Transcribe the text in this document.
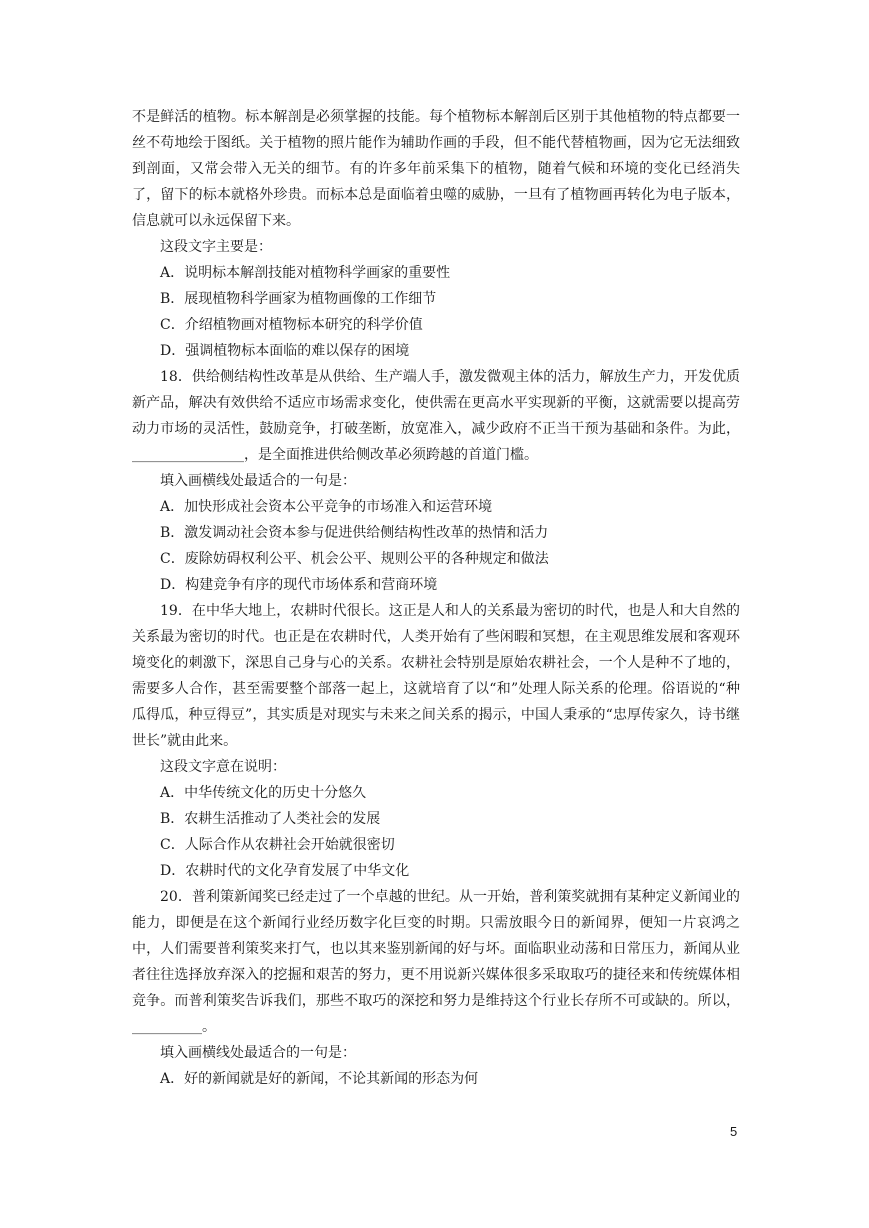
不是鲜活的植物。标本解剖是必须掌握的技能。每个植物标本解剖后区别于其他植物的特点都要一丝不苟地绘于图纸。关于植物的照片能作为辅助作画的手段，但不能代替植物画，因为它无法细致到剖面，又常会带入无关的细节。有的许多年前采集下的植物，随着气候和环境的变化已经消失了，留下的标本就格外珍贵。而标本总是面临着虫噬的威胁，一旦有了植物画再转化为电子版本，信息就可以永远保留下来。

这段文字主要是：

A．说明标本解剖技能对植物科学画家的重要性

B．展现植物科学画家为植物画像的工作细节

C．介绍植物画对植物标本研究的科学价值

D．强调植物标本面临的难以保存的困境

18．供给侧结构性改革是从供给、生产端人手，激发微观主体的活力，解放生产力，开发优质新产品，解决有效供给不适应市场需求变化，使供需在更高水平实现新的平衡，这就需要以提高劳动力市场的灵活性，鼓励竞争，打破垄断，放宽准入，减少政府不正当干预为基础和条件。为此，________________，是全面推进供给侧改革必须跨越的首道门槛。

填入画横线处最适合的一句是：

A．加快形成社会资本公平竞争的市场准入和运营环境

B．激发调动社会资本参与促进供给侧结构性改革的热情和活力

C．废除妨碍权利公平、机会公平、规则公平的各种规定和做法

D．构建竞争有序的现代市场体系和营商环境

19．在中华大地上，农耕时代很长。这正是人和人的关系最为密切的时代，也是人和大自然的关系最为密切的时代。也正是在农耕时代，人类开始有了些闲暇和冥想，在主观思维发展和客观环境变化的刺激下，深思自己身与心的关系。农耕社会特别是原始农耕社会，一个人是种不了地的，需要多人合作，甚至需要整个部落一起上，这就培育了以“和”处理人际关系的伦理。俗语说的“种瓜得瓜，种豆得豆”，其实质是对现实与未来之间关系的揭示，中国人秉承的“忠厚传家久，诗书继世长”就由此来。

这段文字意在说明：

A．中华传统文化的历史十分悠久

B．农耕生活推动了人类社会的发展

C．人际合作从农耕社会开始就很密切

D．农耕时代的文化孕育发展了中华文化

20．普利策新闻奖已经走过了一个卓越的世纪。从一开始，普利策奖就拥有某种定义新闻业的能力，即便是在这个新闻行业经历数字化巨变的时期。只需放眼今日的新闻界，便知一片哀鸿之中，人们需要普利策奖来打气，也以其来鉴别新闻的好与坏。面临职业动荡和日常压力，新闻从业者往往选择放弃深入的挖掘和艰苦的努力，更不用说新兴媒体很多采取取巧的捷径来和传统媒体相竞争。而普利策奖告诉我们，那些不取巧的深挖和努力是维持这个行业长存所不可或缺的。所以，__________。

填入画横线处最适合的一句是：

A．好的新闻就是好的新闻，不论其新闻的形态为何

5
